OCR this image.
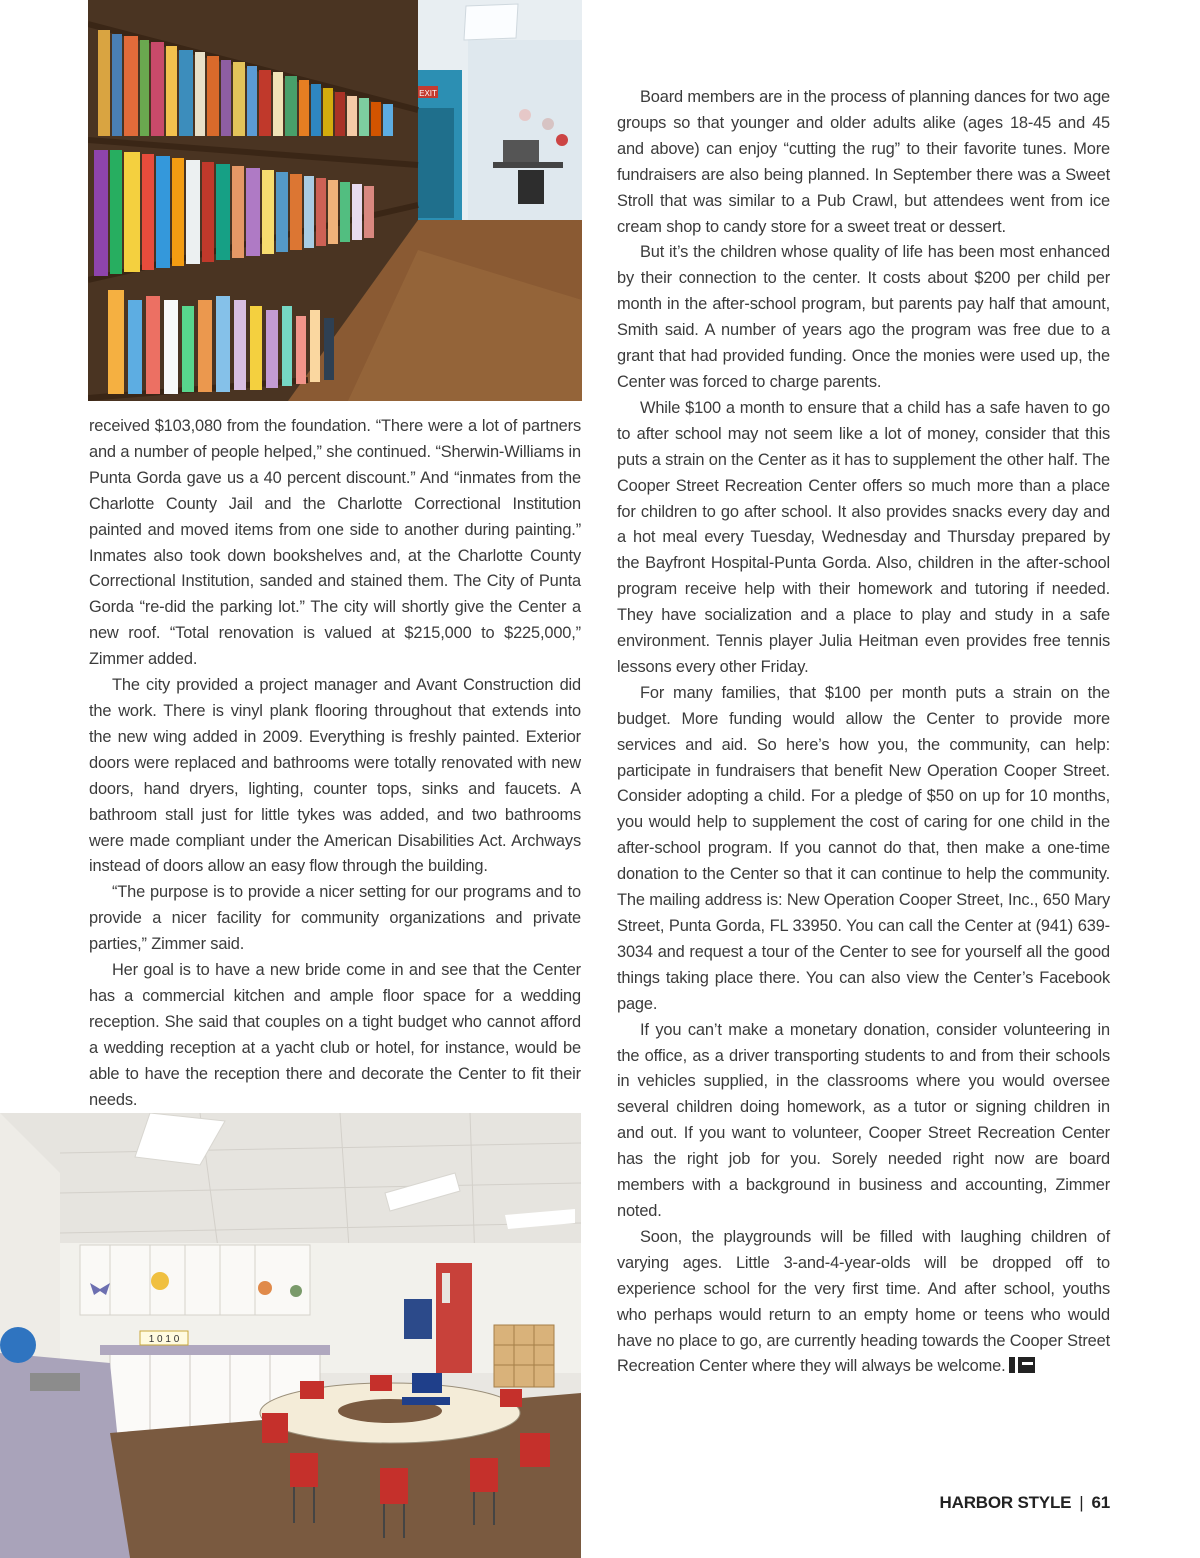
EXIT

received $103,080 from the foundation. “There were a lot of partners and a number of people helped,” she continued. “Sherwin-Williams in Punta Gorda gave us a 40 percent discount.” And “inmates from the Charlotte County Jail and the Charlotte Correctional Institution painted and moved items from one side to another during painting.” Inmates also took down bookshelves and, at the Charlotte County Correctional Institution, sanded and stained them. The City of Punta Gorda “re-did the parking lot.” The city will shortly give the Center a new roof. “Total renovation is valued at $215,000 to $225,000,” Zimmer added.

The city provided a project manager and Avant Construction did the work. There is vinyl plank flooring throughout that extends into the new wing added in 2009. Everything is freshly painted. Exterior doors were replaced and bathrooms were totally renovated with new doors, hand dryers, lighting, counter tops, sinks and faucets. A bathroom stall just for little tykes was added, and two bathrooms were made compliant under the American Disabilities Act. Archways instead of doors allow an easy flow through the building.

“The purpose is to provide a nicer setting for our programs and to provide a nicer facility for community organizations and private parties,” Zimmer said.

Her goal is to have a new bride come in and see that the Center has a commercial kitchen and ample floor space for a wedding reception. She said that couples on a tight budget who cannot afford a wedding reception at a yacht club or hotel, for instance, would be able to have the reception there and decorate the Center to fit their needs.

Board members are in the process of planning dances for two age groups so that younger and older adults alike (ages 18-45 and 45 and above) can enjoy “cutting the rug” to their favorite tunes. More fundraisers are also being planned. In September there was a Sweet Stroll that was similar to a Pub Crawl, but attendees went from ice cream shop to candy store for a sweet treat or dessert.

But it’s the children whose quality of life has been most enhanced by their connection to the center. It costs about $200 per child per month in the after-school program, but parents pay half that amount, Smith said. A number of years ago the program was free due to a grant that had provided funding. Once the monies were used up, the Center was forced to charge parents.

While $100 a month to ensure that a child has a safe haven to go to after school may not seem like a lot of money, consider that this puts a strain on the Center as it has to supplement the other half. The Cooper Street Recreation Center offers so much more than a place for children to go after school. It also provides snacks every day and a hot meal every Tuesday, Wednesday and Thursday prepared by the Bayfront Hospital-Punta Gorda. Also, children in the after-school program receive help with their homework and tutoring if needed. They have socialization and a place to play and study in a safe environment. Tennis player Julia Heitman even provides free tennis lessons every other Friday.

For many families, that $100 per month puts a strain on the budget. More funding would allow the Center to provide more services and aid. So here’s how you, the community, can help: participate in fundraisers that benefit New Operation Cooper Street. Consider adopting a child. For a pledge of $50 on up for 10 months, you would help to supplement the cost of caring for one child in the after-school program. If you cannot do that, then make a one-time donation to the Center so that it can continue to help the community. The mailing address is: New Operation Cooper Street, Inc., 650 Mary Street, Punta Gorda, FL 33950. You can call the Center at (941) 639-3034 and request a tour of the Center to see for yourself all the good things taking place there. You can also view the Center’s Facebook page.

If you can’t make a monetary donation, consider volunteering in the office, as a driver transporting students to and from their schools in vehicles supplied, in the classrooms where you would oversee several children doing homework, as a tutor or signing children in and out. If you want to volunteer, Cooper Street Recreation Center has the right job for you. Sorely needed right now are board members with a background in business and accounting, Zimmer noted.

Soon, the playgrounds will be filled with laughing children of varying ages. Little 3-and-4-year-olds will be dropped off to experience school for the very first time. And after school, youths who perhaps would return to an empty home or teens who would have no place to go, are currently heading towards the Cooper Street Recreation Center where they will always be welcome.

1 0 1 0
HARBOR STYLE | 61
